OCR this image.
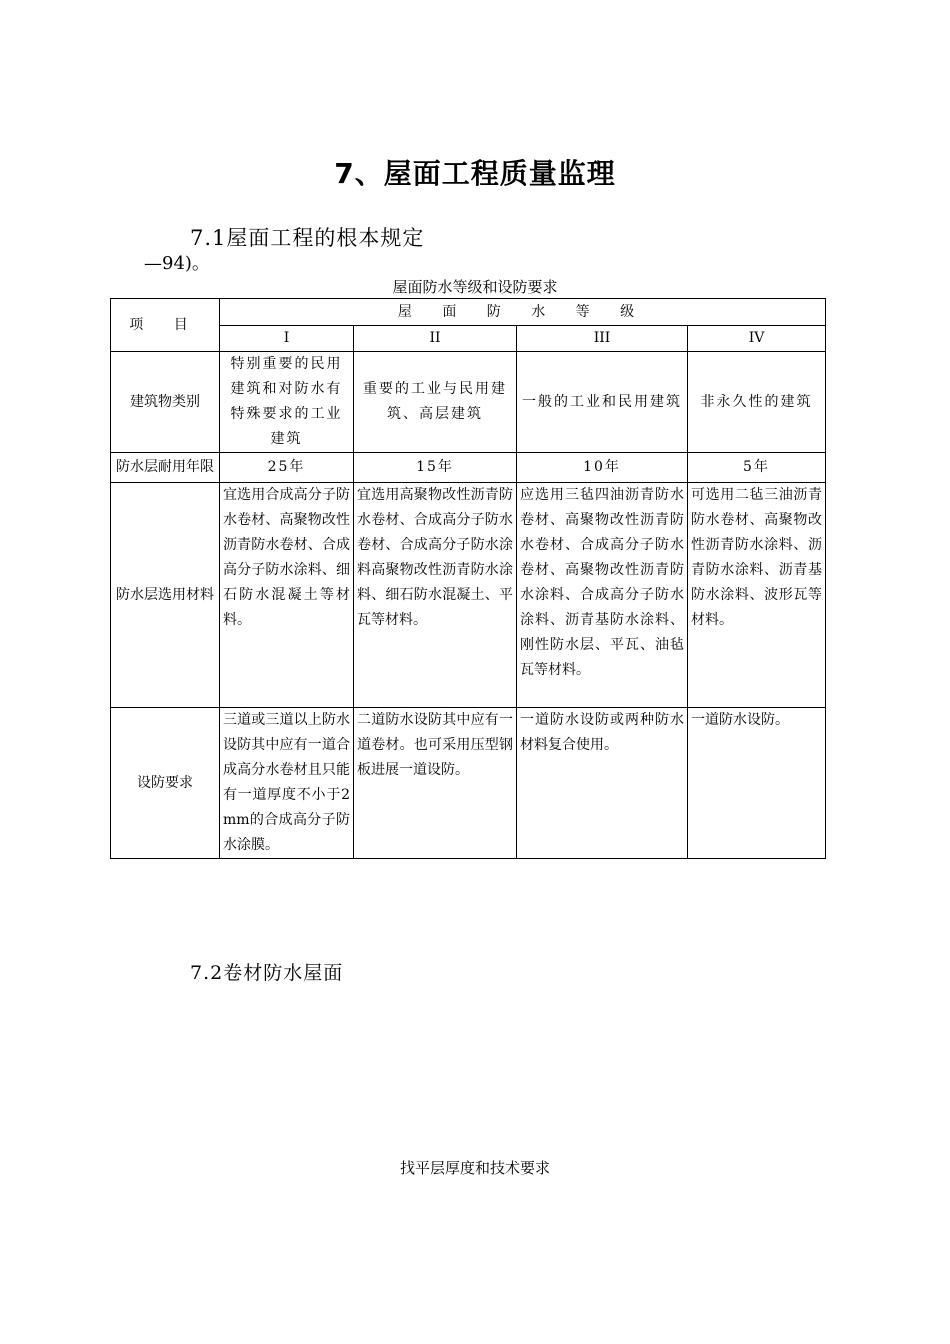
7、屋面工程质量监理
7.1屋面工程的根本规定
—94)。
屋面防水等级和设防要求
项 目	屋 面 防 水 等 级			
	I	II	III	IV
建筑物类别	特别重要的民用建筑和对防水有特殊要求的工业建筑	重要的工业与民用建筑、高层建筑	一般的工业和民用建筑	非永久性的建筑
防水层耐用年限	25年	15年	10年	5年
防水层选用材料	宜选用合成高分子防水卷材、高聚物改性沥青防水卷材、合成高分子防水涂料、细石防水混凝土等材料。	宜选用高聚物改性沥青防水卷材、合成高分子防水卷材、合成高分子防水涂料高聚物改性沥青防水涂料、细石防水混凝土、平瓦等材料。	应选用三毡四油沥青防水卷材、高聚物改性沥青防水卷材、合成高分子防水卷材、高聚物改性沥青防水涂料、合成高分子防水涂料、沥青基防水涂料、刚性防水层、平瓦、油毡瓦等材料。	可选用二毡三油沥青防水卷材、高聚物改性沥青防水涂料、沥青防水涂料、沥青基防水涂料、波形瓦等材料。
设防要求	三道或三道以上防水设防其中应有一道合成高分水卷材且只能有一道厚度不小于2mm的合成高分子防水涂膜。	二道防水设防其中应有一道卷材。也可采用压型钢板进展一道设防。	一道防水设防或两种防水材料复合使用。	一道防水设防。
7.2卷材防水屋面
找平层厚度和技术要求
